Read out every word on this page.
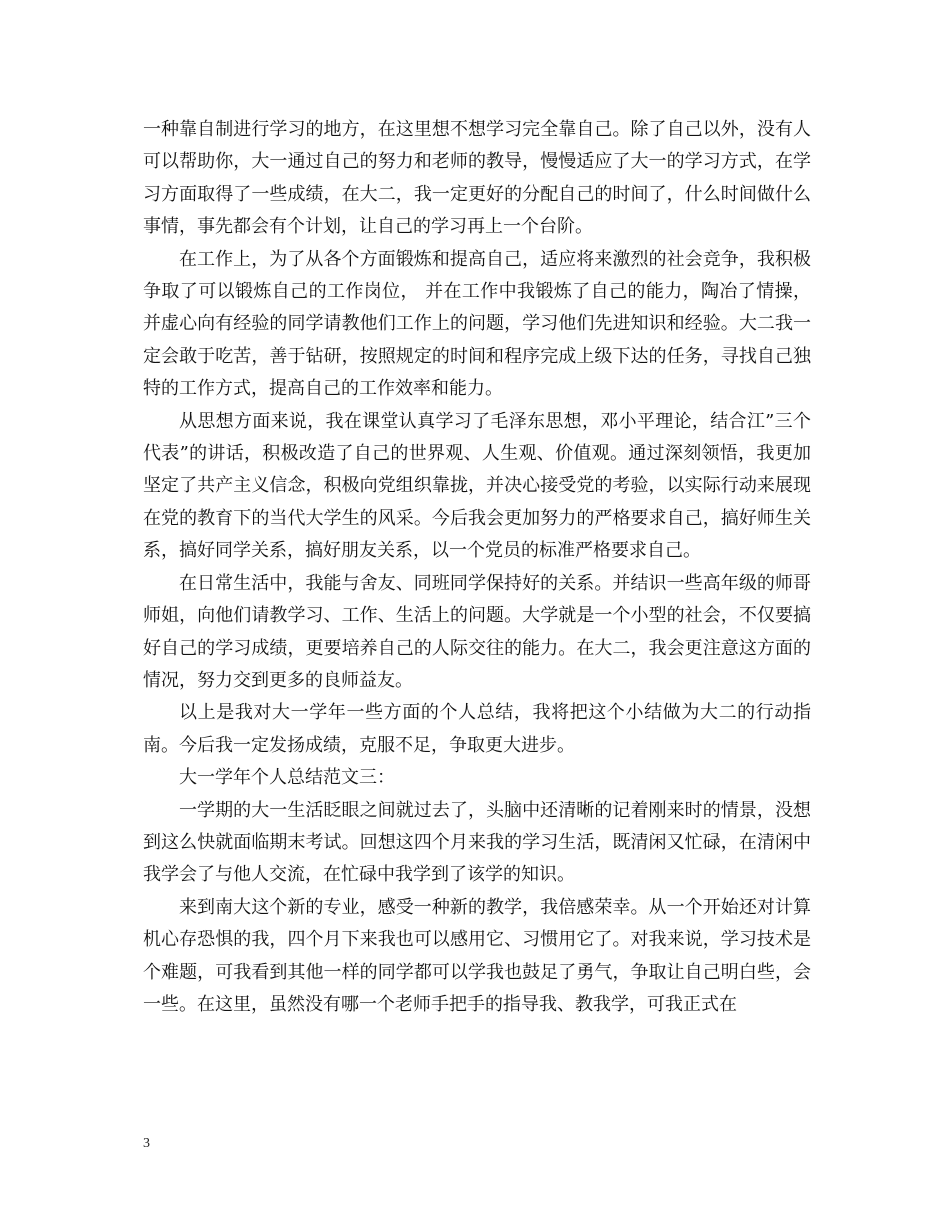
一种靠自制进行学习的地方，在这里想不想学习完全靠自己。除了自己以外，没有人可以帮助你，大一通过自己的努力和老师的教导，慢慢适应了大一的学习方式，在学习方面取得了一些成绩，在大二，我一定更好的分配自己的时间了，什么时间做什么事情，事先都会有个计划，让自己的学习再上一个台阶。

在工作上，为了从各个方面锻炼和提高自己，适应将来激烈的社会竞争，我积极争取了可以锻炼自己的工作岗位， 并在工作中我锻炼了自己的能力，陶冶了情操，并虚心向有经验的同学请教他们工作上的问题，学习他们先进知识和经验。大二我一定会敢于吃苦，善于钻研，按照规定的时间和程序完成上级下达的任务，寻找自己独特的工作方式，提高自己的工作效率和能力。

从思想方面来说，我在课堂认真学习了毛泽东思想，邓小平理论，结合江”三个代表”的讲话，积极改造了自己的世界观、人生观、价值观。通过深刻领悟，我更加坚定了共产主义信念，积极向党组织靠拢，并决心接受党的考验，以实际行动来展现在党的教育下的当代大学生的风采。今后我会更加努力的严格要求自己，搞好师生关系，搞好同学关系，搞好朋友关系，以一个党员的标准严格要求自己。

在日常生活中，我能与舍友、同班同学保持好的关系。并结识一些高年级的师哥师姐，向他们请教学习、工作、生活上的问题。大学就是一个小型的社会，不仅要搞好自己的学习成绩，更要培养自己的人际交往的能力。在大二，我会更注意这方面的情况，努力交到更多的良师益友。

以上是我对大一学年一些方面的个人总结，我将把这个小结做为大二的行动指南。今后我一定发扬成绩，克服不足，争取更大进步。

大一学年个人总结范文三：

一学期的大一生活眨眼之间就过去了，头脑中还清晰的记着刚来时的情景，没想到这么快就面临期末考试。回想这四个月来我的学习生活，既清闲又忙碌，在清闲中我学会了与他人交流，在忙碌中我学到了该学的知识。

来到南大这个新的专业，感受一种新的教学，我倍感荣幸。从一个开始还对计算机心存恐惧的我，四个月下来我也可以感用它、习惯用它了。对我来说，学习技术是个难题，可我看到其他一样的同学都可以学我也鼓足了勇气，争取让自己明白些，会一些。在这里，虽然没有哪一个老师手把手的指导我、教我学，可我正式在

3
